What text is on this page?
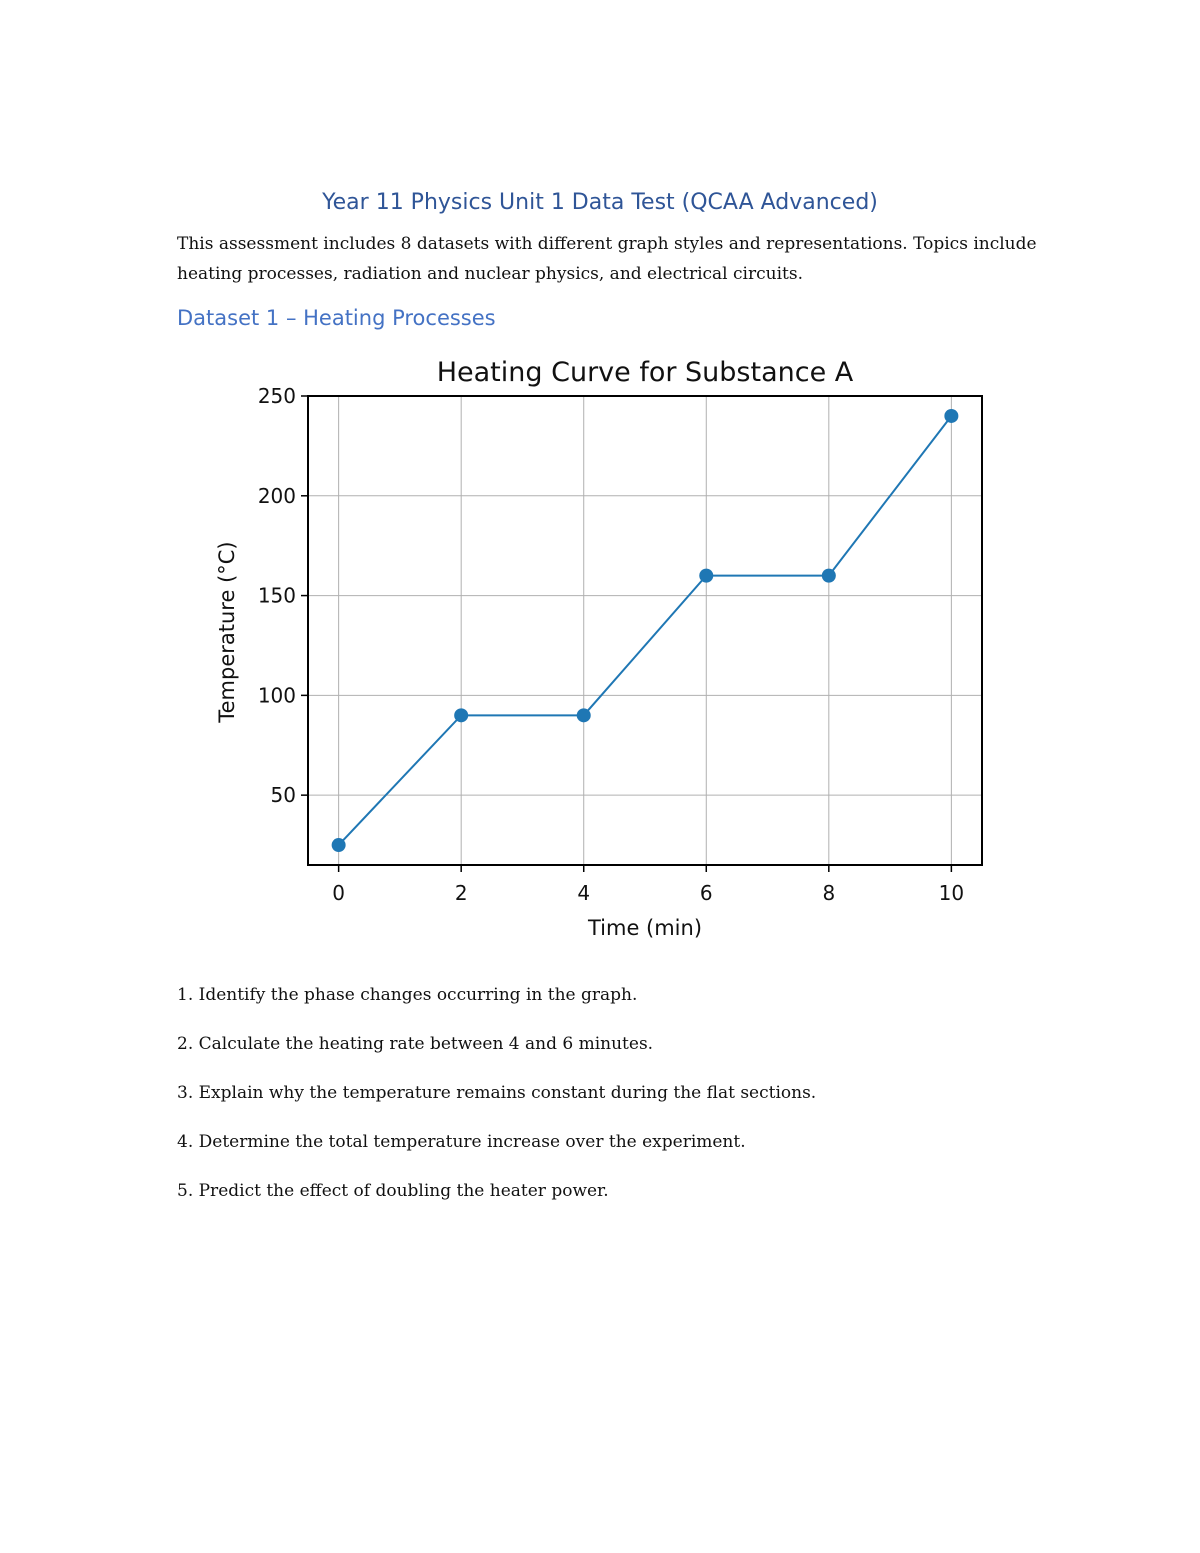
Year 11 Physics Unit 1 Data Test (QCAA Advanced)
This assessment includes 8 datasets with different graph styles and representations. Topics include heating processes, radiation and nuclear physics, and electrical circuits.
Dataset 1 – Heating Processes
Heating Curve for Substance A
Time (min)
Temperature (°C)
0	2	4	6	8	10
50
100
150
200
250
1. Identify the phase changes occurring in the graph.
2. Calculate the heating rate between 4 and 6 minutes.
3. Explain why the temperature remains constant during the flat sections.
4. Determine the total temperature increase over the experiment.
5. Predict the effect of doubling the heater power.
